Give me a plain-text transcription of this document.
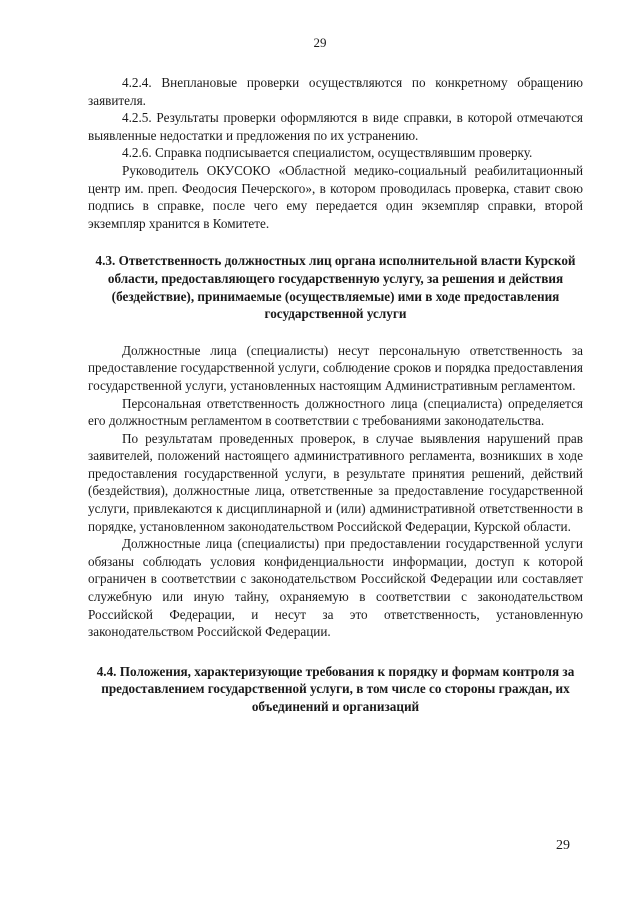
29

4.2.4. Внеплановые проверки осуществляются по конкретному обращению заявителя.

4.2.5. Результаты проверки оформляются в виде справки, в которой отмечаются выявленные недостатки и предложения по их устранению.

4.2.6. Справка подписывается специалистом, осуществлявшим проверку.

Руководитель ОКУСОКО «Областной медико-социальный реабилитационный центр им. преп. Феодосия Печерского», в котором проводилась проверка, ставит свою подпись в справке, после чего ему передается один экземпляр справки, второй экземпляр хранится в Комитете.

4.3. Ответственность должностных лиц органа исполнительной власти Курской области, предоставляющего государственную услугу, за решения и действия (бездействие), принимаемые (осуществляемые) ими в ходе предоставления государственной услуги

Должностные лица (специалисты) несут персональную ответственность за предоставление государственной услуги, соблюдение сроков и порядка предоставления государственной услуги, установленных настоящим Административным регламентом.

Персональная ответственность должностного лица (специалиста) определяется его должностным регламентом в соответствии с требованиями законодательства.

По результатам проведенных проверок, в случае выявления нарушений прав заявителей, положений настоящего административного регламента, возникших в ходе предоставления государственной услуги, в результате принятия решений, действий (бездействия), должностные лица, ответственные за предоставление государственной услуги, привлекаются к дисциплинарной и (или) административной ответственности в порядке, установленном законодательством Российской Федерации, Курской области.

Должностные лица (специалисты) при предоставлении государственной услуги обязаны соблюдать условия конфиденциальности информации, доступ к которой ограничен в соответствии с законодательством Российской Федерации или составляет служебную или иную тайну, охраняемую в соответствии с законодательством Российской Федерации, и несут за это ответственность, установленную законодательством Российской Федерации.

4.4. Положения, характеризующие требования к порядку и формам контроля за предоставлением государственной услуги, в том числе со стороны граждан, их объединений и организаций
29
